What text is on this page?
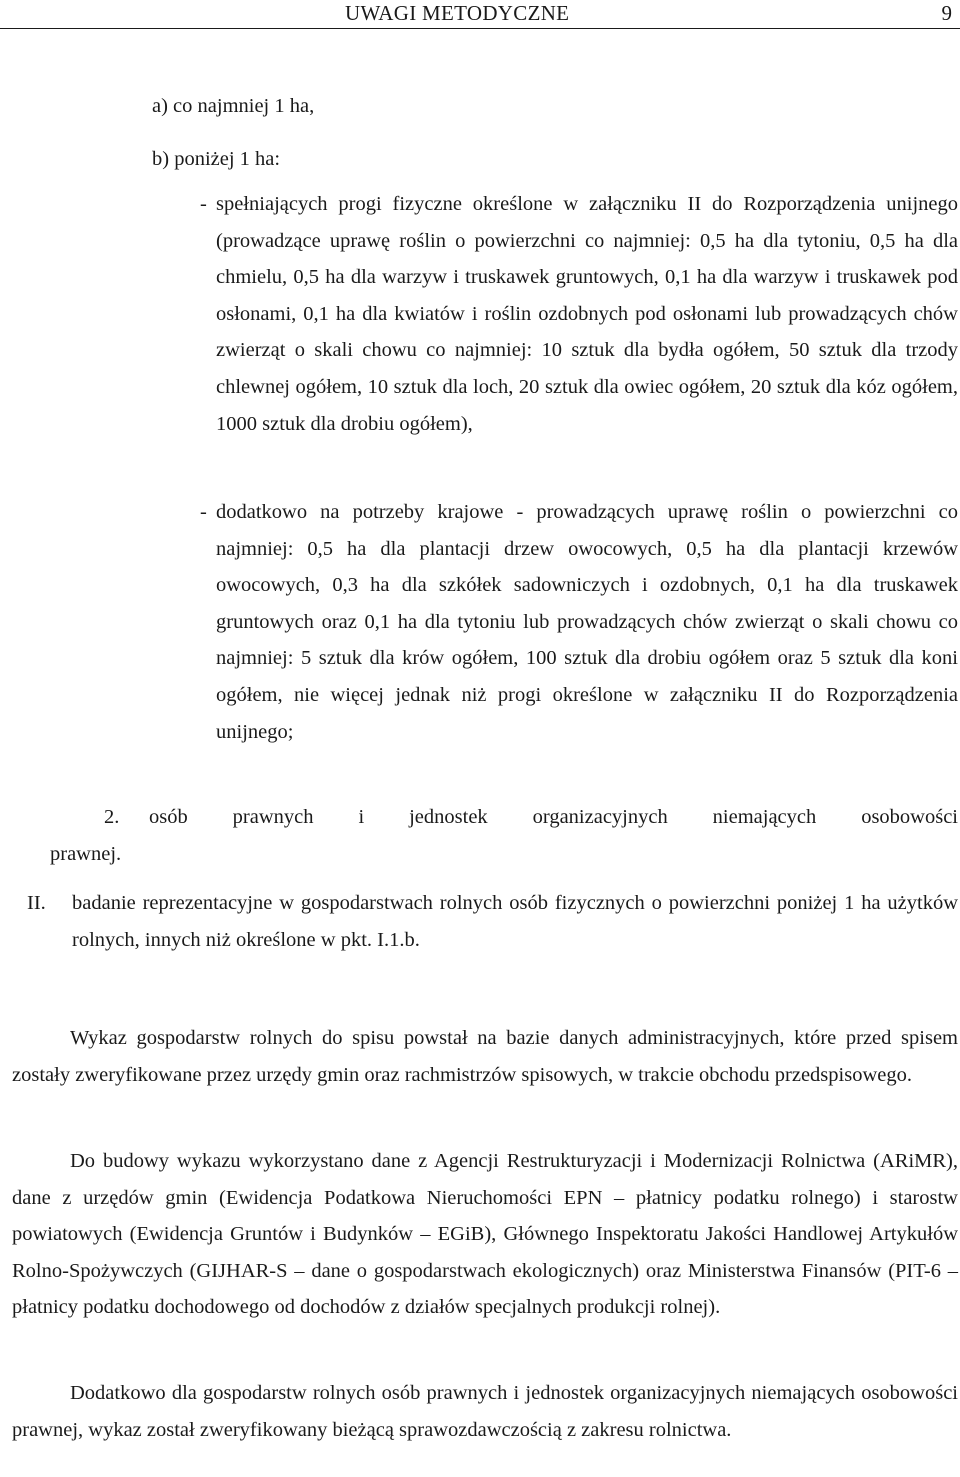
UWAGI METODYCZNE	9
a) co najmniej 1 ha,
b) poniżej 1 ha:
- spełniających progi fizyczne określone w załączniku II do Rozporządzenia unijnego (prowadzące uprawę roślin o powierzchni co najmniej: 0,5 ha dla tytoniu, 0,5 ha dla chmielu, 0,5 ha dla warzyw i truskawek gruntowych, 0,1 ha dla warzyw i truskawek pod osłonami, 0,1 ha dla kwiatów i roślin ozdobnych pod osłonami lub prowadzących chów zwierząt o skali chowu co najmniej: 10 sztuk dla bydła ogółem, 50 sztuk dla trzody chlewnej ogółem, 10 sztuk dla loch, 20 sztuk dla owiec ogółem, 20 sztuk dla kóz ogółem, 1000 sztuk dla drobiu ogółem),

- dodatkowo na potrzeby krajowe - prowadzących uprawę roślin o powierzchni co najmniej: 0,5 ha dla plantacji drzew owocowych, 0,5 ha dla plantacji krzewów owocowych, 0,3 ha dla szkółek sadowniczych i ozdobnych, 0,1 ha dla truskawek gruntowych oraz 0,1 ha dla tytoniu lub prowadzących chów zwierząt o skali chowu co najmniej: 5 sztuk dla krów ogółem, 100 sztuk dla drobiu ogółem oraz 5 sztuk dla koni ogółem, nie więcej jednak niż progi określone w załączniku II do Rozporządzenia unijnego;

2. osób prawnych i jednostek organizacyjnych niemających osobowości
prawnej.
II. badanie reprezentacyjne w gospodarstwach rolnych osób fizycznych o powierzchni poniżej 1 ha użytków rolnych, innych niż określone w pkt. I.1.b.

Wykaz gospodarstw rolnych do spisu powstał na bazie danych administracyjnych, które przed spisem zostały zweryfikowane przez urzędy gmin oraz rachmistrzów spisowych, w trakcie obchodu przedspisowego.

Do budowy wykazu wykorzystano dane z Agencji Restrukturyzacji i Modernizacji Rolnictwa (ARiMR), dane z urzędów gmin (Ewidencja Podatkowa Nieruchomości EPN – płatnicy podatku rolnego) i starostw powiatowych (Ewidencja Gruntów i Budynków – EGiB), Głównego Inspektoratu Jakości Handlowej Artykułów Rolno-Spożywczych (GIJHAR-S – dane o gospodarstwach ekologicznych) oraz Ministerstwa Finansów (PIT-6 – płatnicy podatku dochodowego od dochodów z działów specjalnych produkcji rolnej).

Dodatkowo dla gospodarstw rolnych osób prawnych i jednostek organizacyjnych niemających osobowości prawnej, wykaz został zweryfikowany bieżącą sprawozdawczością z zakresu rolnictwa.
